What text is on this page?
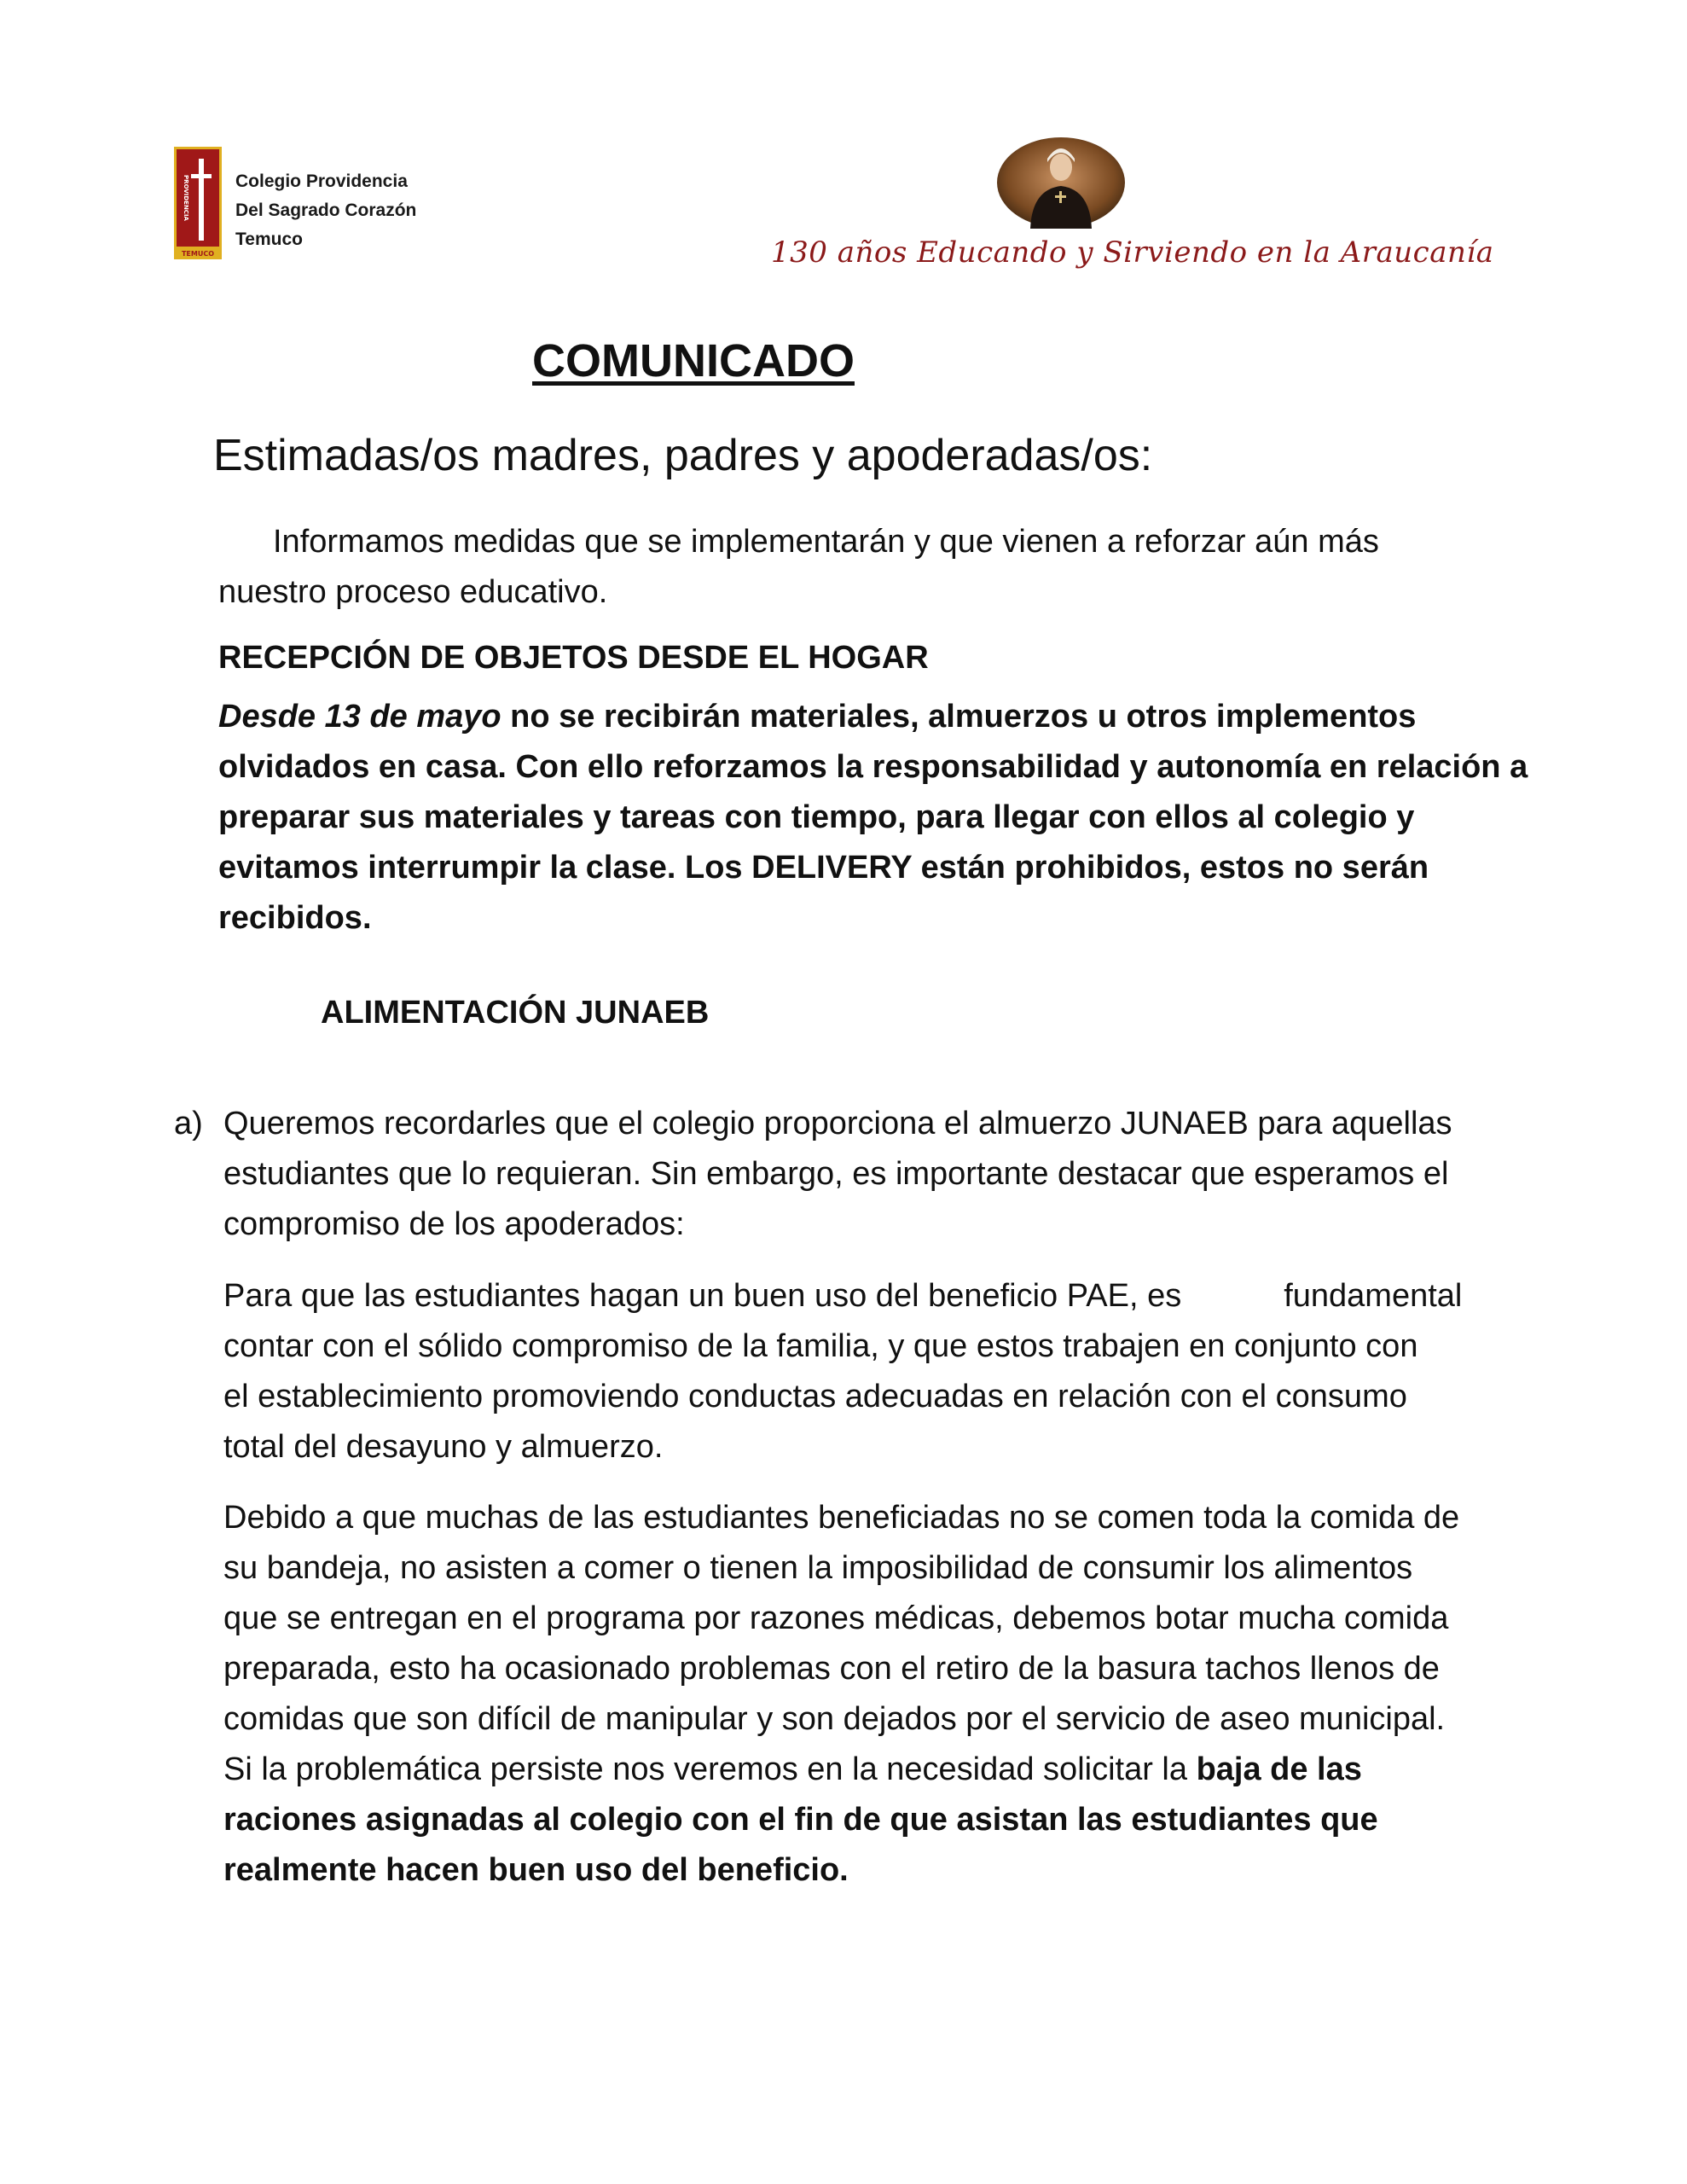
PROVIDENCIA
TEMUCO
Colegio Providencia
Del Sagrado Corazón
Temuco	130 años Educando y Sirviendo en la Araucanía
COMUNICADO
Estimadas/os madres, padres y apoderadas/os:
Informamos medidas que se implementarán y que vienen a reforzar aún más
nuestro proceso educativo.
RECEPCIÓN DE OBJETOS DESDE EL HOGAR
Desde 13 de mayo no se recibirán materiales, almuerzos u otros implementos
olvidados en casa. Con ello reforzamos la responsabilidad y autonomía en relación a
preparar sus materiales y tareas con tiempo, para llegar con ellos al colegio y
evitamos interrumpir la clase. Los DELIVERY están prohibidos, estos no serán
recibidos.
ALIMENTACIÓN JUNAEB
a) Queremos recordarles que el colegio proporciona el almuerzo JUNAEB para aquellas
estudiantes que lo requieran. Sin embargo, es importante destacar que esperamos el
compromiso de los apoderados:
Para que las estudiantes hagan un buen uso del beneficio PAE, es	fundamental
contar con el sólido compromiso de la familia, y que estos trabajen en conjunto con
el establecimiento promoviendo conductas adecuadas en relación con el consumo
total del desayuno y almuerzo.
Debido a que muchas de las estudiantes beneficiadas no se comen toda la comida de
su bandeja, no asisten a comer o tienen la imposibilidad de consumir los alimentos
que se entregan en el programa por razones médicas, debemos botar mucha comida
preparada, esto ha ocasionado problemas con el retiro de la basura tachos llenos de
comidas que son difícil de manipular y son dejados por el servicio de aseo municipal.
Si la problemática persiste nos veremos en la necesidad solicitar la baja de las
raciones asignadas al colegio con el fin de que asistan las estudiantes que
realmente hacen buen uso del beneficio.
